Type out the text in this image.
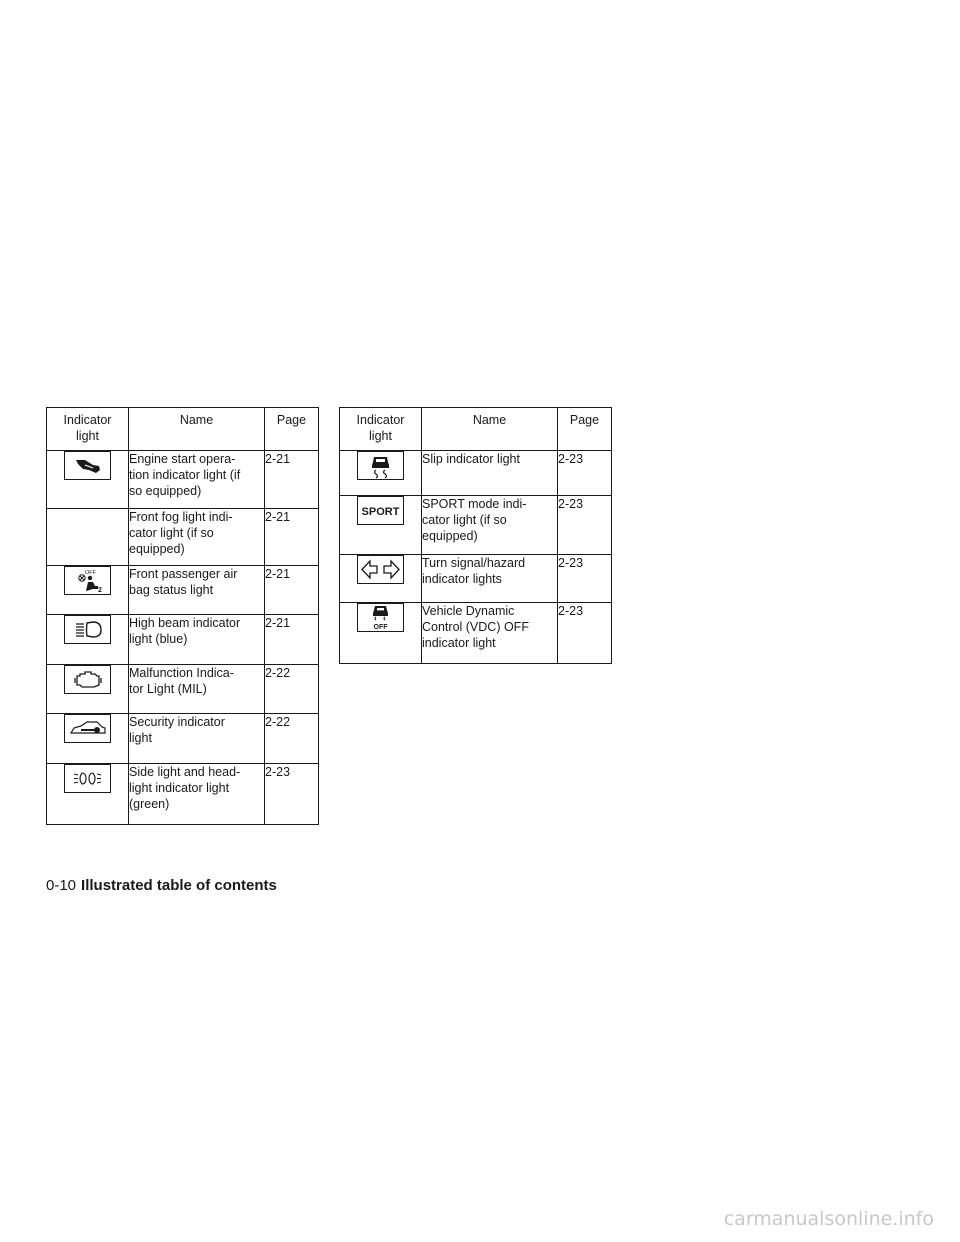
Indicator light	Name	Page

	Engine start opera-
tion indicator light (if
so equipped)	2-21
	Front fog light indi-
cator light (if so
equipped)	2-21

OFF
2	Front passenger air
bag status light	2-21

	High beam indicator
light (blue)	2-21

	Malfunction Indica-
tor Light (MIL)	2-22

	Security indicator
light	2-22

	Side light and head-
light indicator light
(green)	2-23
Indicator light	Name	Page

	Slip indicator light	2-23

SPORT	SPORT mode indi-
cator light (if so
equipped)	2-23

	Turn signal/hazard
indicator lights	2-23

OFF	Vehicle Dynamic
Control (VDC) OFF
indicator light	2-23
0-10 Illustrated table of contents
carmanualsonline.info
